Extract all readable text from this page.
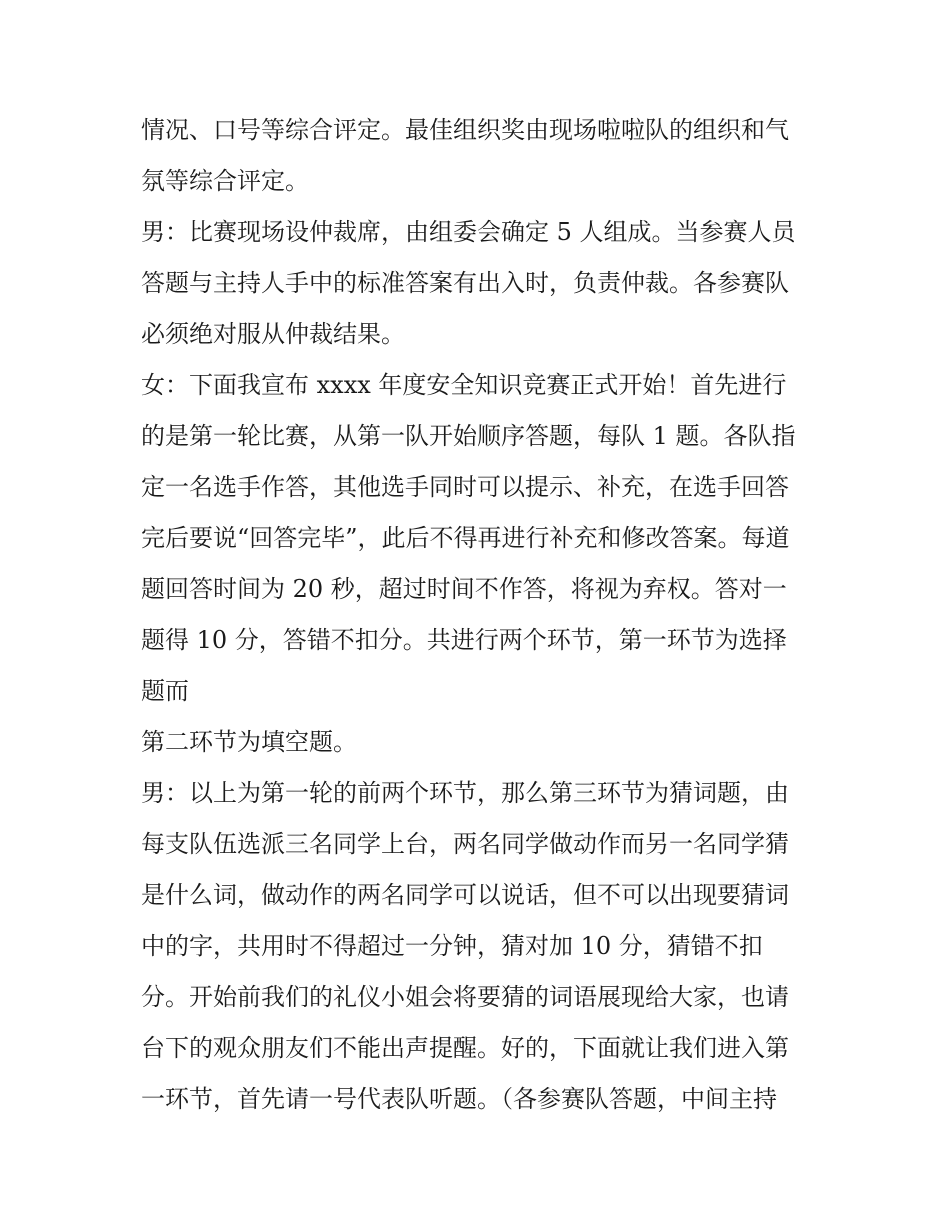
情况、口号等综合评定。最佳组织奖由现场啦啦队的组织和气
氛等综合评定。
男：比赛现场设仲裁席，由组委会确定 5 人组成。当参赛人员
答题与主持人手中的标准答案有出入时，负责仲裁。各参赛队
必须绝对服从仲裁结果。
女：下面我宣布 xxxx 年度安全知识竞赛正式开始！首先进行
的是第一轮比赛，从第一队开始顺序答题，每队 1 题。各队指
定一名选手作答，其他选手同时可以提示、补充，在选手回答
完后要说“回答完毕”，此后不得再进行补充和修改答案。每道
题回答时间为 20 秒，超过时间不作答，将视为弃权。答对一
题得 10 分，答错不扣分。共进行两个环节，第一环节为选择
题而
第二环节为填空题。
男：以上为第一轮的前两个环节，那么第三环节为猜词题，由
每支队伍选派三名同学上台，两名同学做动作而另一名同学猜
是什么词，做动作的两名同学可以说话，但不可以出现要猜词
中的字，共用时不得超过一分钟，猜对加 10 分，猜错不扣
分。开始前我们的礼仪小姐会将要猜的词语展现给大家，也请
台下的观众朋友们不能出声提醒。好的，下面就让我们进入第
一环节，首先请一号代表队听题。（各参赛队答题，中间主持
